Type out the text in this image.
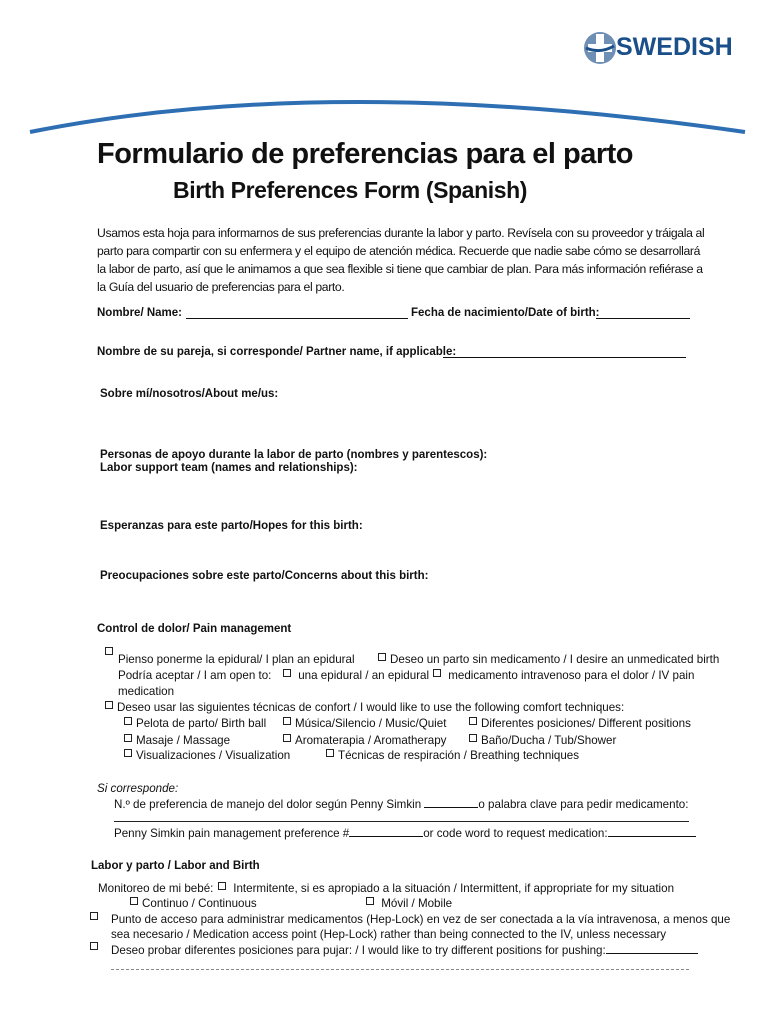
SWEDISH
Formulario de preferencias para el parto
Birth Preferences Form (Spanish)
Usamos esta hoja para informarnos de sus preferencias durante la labor y parto. Revísela con su proveedor y tráigala al
parto para compartir con su enfermera y el equipo de atención médica. Recuerde que nadie sabe cómo se desarrollará
la labor de parto, así que le animamos a que sea flexible si tiene que cambiar de plan. Para más información refiérase a
la Guía del usuario de preferencias para el parto.
Nombre/ Name:	Fecha de nacimiento/Date of birth:
Nombre de su pareja, si corresponde/ Partner name, if applicable:
Sobre mí/nosotros/About me/us:
Personas de apoyo durante la labor de parto (nombres y parentescos):
Labor support team (names and relationships):
Esperanzas para este parto/Hopes for this birth:
Preocupaciones sobre este parto/Concerns about this birth:
Control de dolor/ Pain management
Pienso ponerme la epidural/ I plan an epidural	Deseo un parto sin medicamento / I desire an unmedicated birth
Podría aceptar / I am open to:	una epidural / an epidural	medicamento intravenoso para el dolor / IV pain
medication
Deseo usar las siguientes técnicas de confort / I would like to use the following comfort techniques:
Pelota de parto/ Birth ball	Música/Silencio / Music/Quiet	Diferentes posiciones/ Different positions
Masaje / Massage	Aromaterapia / Aromatherapy	Baño/Ducha / Tub/Shower
Visualizaciones / Visualization	Técnicas de respiración / Breathing techniques
Si corresponde:
N.º de preferencia de manejo del dolor según Penny Simkin	o palabra clave para pedir medicamento:
Penny Simkin pain management preference #	or code word to request medication:
Labor y parto / Labor and Birth
Monitoreo de mi bebé:	Intermitente, si es apropiado a la situación / Intermittent, if appropriate for my situation
Continuo / Continuous	Móvil / Mobile
Punto de acceso para administrar medicamentos (Hep-Lock) en vez de ser conectada a la vía intravenosa, a menos que
sea necesario / Medication access point (Hep-Lock) rather than being connected to the IV, unless necessary
Deseo probar diferentes posiciones para pujar: / I would like to try different positions for pushing:
